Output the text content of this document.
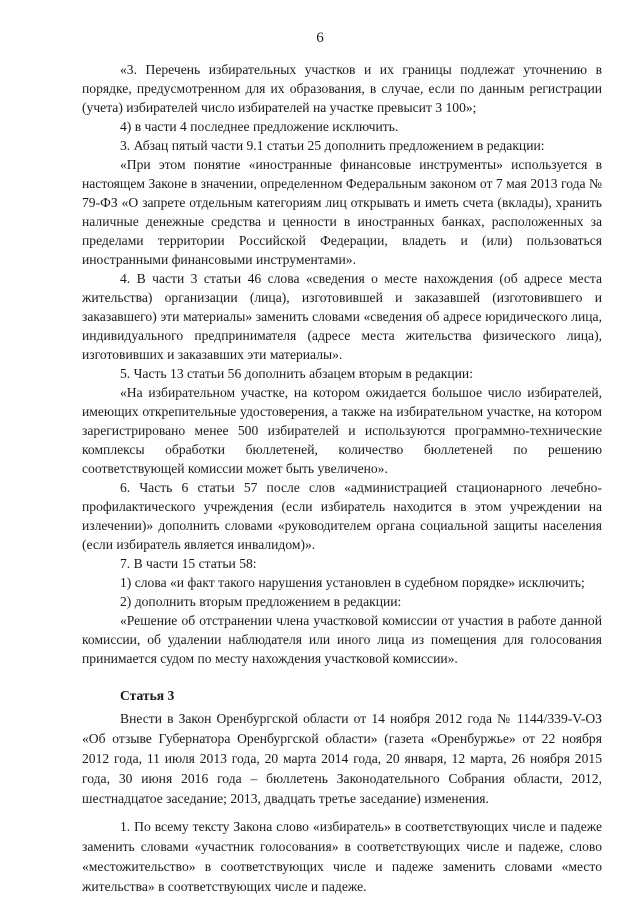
6

«3. Перечень избирательных участков и их границы подлежат уточнению в порядке, предусмотренном для их образования, в случае, если по данным регистрации (учета) избирателей число избирателей на участке превысит 3 100»;

4) в части 4 последнее предложение исключить.

3. Абзац пятый части 9.1 статьи 25 дополнить предложением в редакции:

«При этом понятие «иностранные финансовые инструменты» используется в настоящем Законе в значении, определенном Федеральным законом от 7 мая 2013 года № 79-ФЗ «О запрете отдельным категориям лиц открывать и иметь счета (вклады), хранить наличные денежные средства и ценности в иностранных банках, расположенных за пределами территории Российской Федерации, владеть и (или) пользоваться иностранными финансовыми инструментами».

4. В части 3 статьи 46 слова «сведения о месте нахождения (об адресе места жительства) организации (лица), изготовившей и заказавшей (изготовившего и заказавшего) эти материалы» заменить словами «сведения об адресе юридического лица, индивидуального предпринимателя (адресе места жительства физического лица), изготовивших и заказавших эти материалы».

5. Часть 13 статьи 56 дополнить абзацем вторым в редакции:

«На избирательном участке, на котором ожидается большое число избирателей, имеющих открепительные удостоверения, а также на избирательном участке, на котором зарегистрировано менее 500 избирателей и используются программно-технические комплексы обработки бюллетеней, количество бюллетеней по решению соответствующей комиссии может быть увеличено».

6. Часть 6 статьи 57 после слов «администрацией стационарного лечебно-профилактического учреждения (если избиратель находится в этом учреждении на излечении)» дополнить словами «руководителем органа социальной защиты населения (если избиратель является инвалидом)».

7. В части 15 статьи 58:

1) слова «и факт такого нарушения установлен в судебном порядке» исключить;

2) дополнить вторым предложением в редакции:

«Решение об отстранении члена участковой комиссии от участия в работе данной комиссии, об удалении наблюдателя или иного лица из помещения для голосования принимается судом по месту нахождения участковой комиссии».

Статья 3

Внести в Закон Оренбургской области от 14 ноября 2012 года № 1144/339-V-ОЗ «Об отзыве Губернатора Оренбургской области» (газета «Оренбуржье» от 22 ноября 2012 года, 11 июля 2013 года, 20 марта 2014 года, 20 января, 12 марта, 26 ноября 2015 года, 30 июня 2016 года – бюллетень Законодательного Собрания области, 2012, шестнадцатое заседание; 2013, двадцать третье заседание) изменения.

1. По всему тексту Закона слово «избиратель» в соответствующих числе и падеже заменить словами «участник голосования» в соответствующих числе и падеже, слово «местожительство» в соответствующих числе и падеже заменить словами «место жительства» в соответствующих числе и падеже.
